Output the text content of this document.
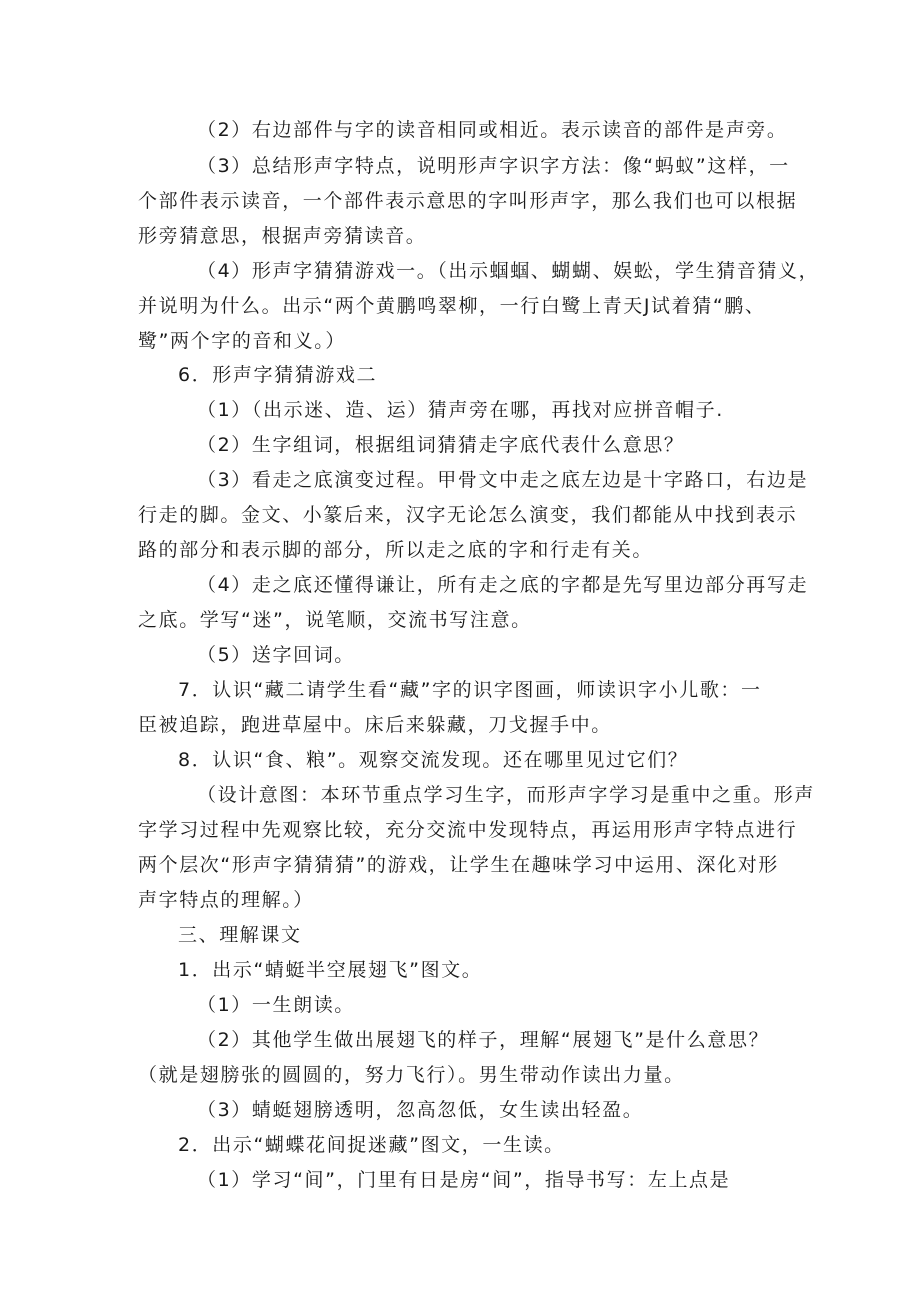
（2）右边部件与字的读音相同或相近。表示读音的部件是声旁。
（3）总结形声字特点，说明形声字识字方法：像“蚂蚁”这样，一
个部件表示读音，一个部件表示意思的字叫形声字，那么我们也可以根据
形旁猜意思，根据声旁猜读音。
（4）形声字猜猜游戏一。（出示蝈蝈、蝴蝴、娱蚣，学生猜音猜义，
并说明为什么。出示“两个黄鹏鸣翠柳，一行白鹭上青天J试着猜“鹏、
鹭”两个字的音和义。）
6．形声字猜猜游戏二
（1）（出示迷、造、运）猜声旁在哪，再找对应拼音帽子.
（2）生字组词，根据组词猜猜走字底代表什么意思？
（3）看走之底演变过程。甲骨文中走之底左边是十字路口，右边是
行走的脚。金文、小篆后来，汉字无论怎么演变，我们都能从中找到表示
路的部分和表示脚的部分，所以走之底的字和行走有关。
（4）走之底还懂得谦让，所有走之底的字都是先写里边部分再写走
之底。学写“迷”，说笔顺，交流书写注意。
（5）送字回词。
7．认识“藏二请学生看“藏”字的识字图画，师读识字小儿歌：一
臣被追踪，跑进草屋中。床后来躲藏，刀戈握手中。
8．认识“食、粮”。观察交流发现。还在哪里见过它们？
（设计意图：本环节重点学习生字，而形声字学习是重中之重。形声
字学习过程中先观察比较，充分交流中发现特点，再运用形声字特点进行
两个层次“形声字猜猜猜”的游戏，让学生在趣味学习中运用、深化对形
声字特点的理解。）
三、理解课文
1．出示“蜻蜓半空展翅飞”图文。
（1）一生朗读。
（2）其他学生做出展翅飞的样子，理解“展翅飞”是什么意思？
（就是翅膀张的圆圆的，努力飞行）。男生带动作读出力量。
（3）蜻蜓翅膀透明，忽高忽低，女生读出轻盈。
2．出示“蝴蝶花间捉迷藏”图文，一生读。
（1）学习“间”，门里有日是房“间”，指导书写：左上点是
